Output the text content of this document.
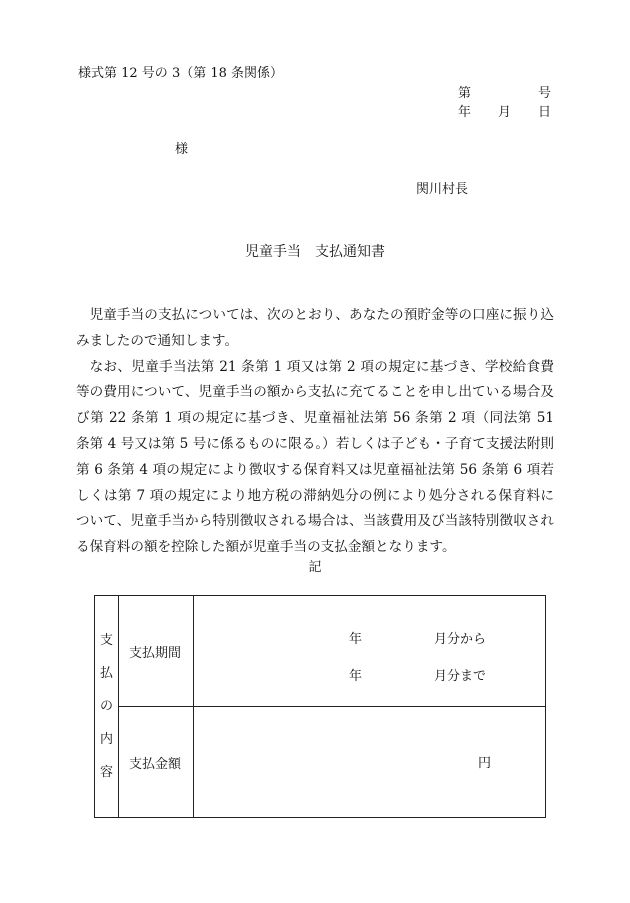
様式第 12 号の 3（第 18 条関係）
第	号
年 月 日
様
関川村長
児童手当　支払通知書

児童手当の支払については、次のとおり、あなたの預貯金等の口座に振り込みましたので通知します。

なお、児童手当法第 21 条第 1 項又は第 2 項の規定に基づき、学校給食費等の費用について、児童手当の額から支払に充てることを申し出ている場合及び第 22 条第 1 項の規定に基づき、児童福祉法第 56 条第 2 項（同法第 51 条第 4 号又は第 5 号に係るものに限る。）若しくは子ども・子育て支援法附則第 6 条第 4 項の規定により徴収する保育料又は児童福祉法第 56 条第 6 項若しくは第 7 項の規定により地方税の滞納処分の例により処分される保育料について、児童手当から特別徴収される場合は、当該費用及び当該特別徴収される保育料の額を控除した額が児童手当の支払金額となります。

記
支
払
の
内
容	支払期間	年 月分から
年 月分まで

	支払金額	円
